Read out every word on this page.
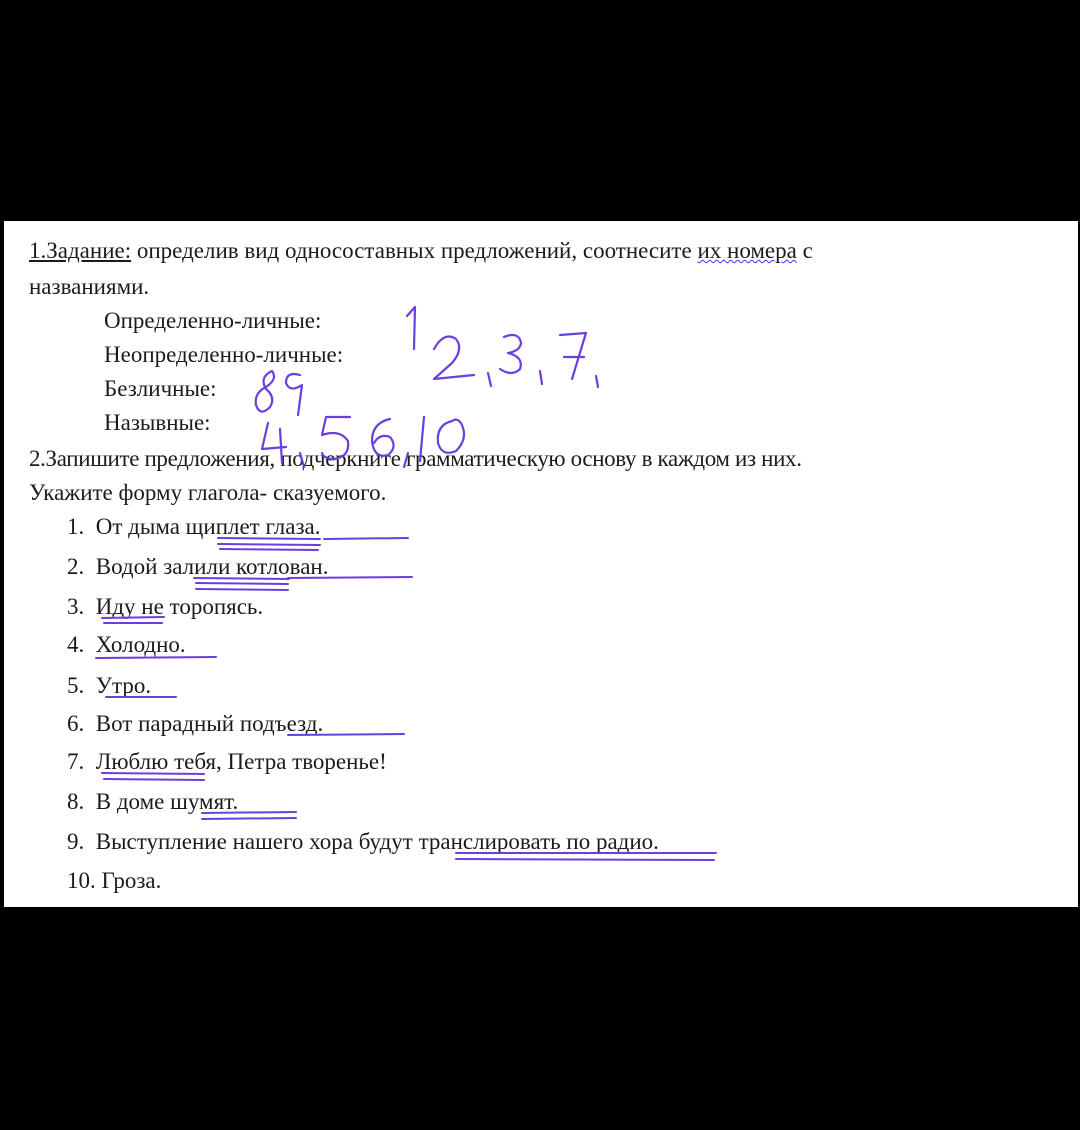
1.Задание: определив вид односоставных предложений, соотнесите их номера с
названиями.
Определенно-личные:
Неопределенно-личные:
Безличные:
Назывные:
2.Запишите предложения, подчеркните грамматическую основу в каждом из них.
Укажите форму глагола- сказуемого.
1. От дыма щиплет глаза.
2. Водой залили котлован.
3. Иду не торопясь.
4. Холодно.
5. Утро.
6. Вот парадный подъезд.
7. Люблю тебя, Петра творенье!
8. В доме шумят.
9. Выступление нашего хора будут транслировать по радио.
10. Гроза.
